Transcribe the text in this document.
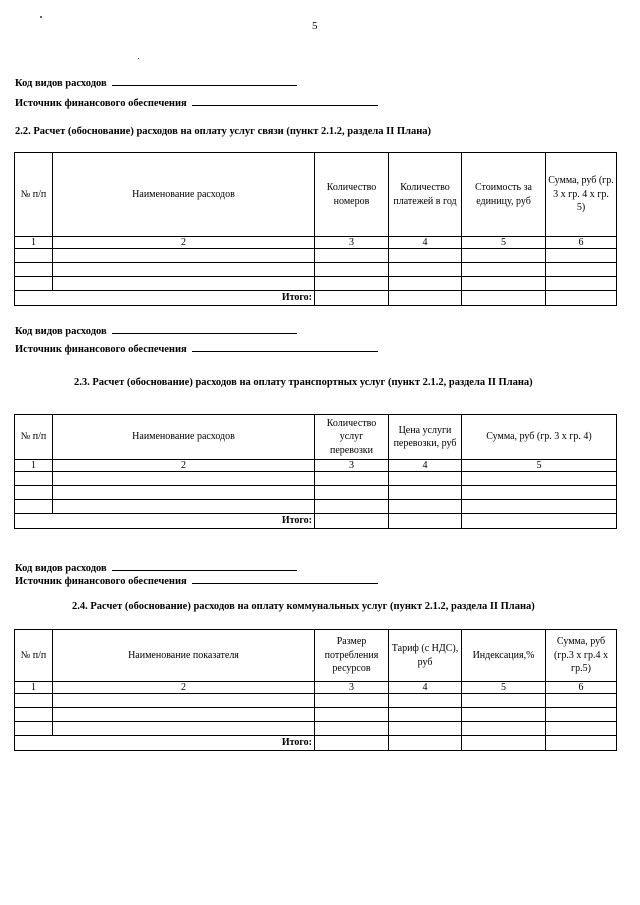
5
Код видов расходов
Источник финансового обеспечения
2.2. Расчет (обоснование) расходов на оплату услуг связи (пункт 2.1.2, раздела II Плана)
№ п/п	Наименование расходов	Количество номеров	Количество платежей в год	Стоимость за единицу, руб	Сумма, руб (гр. 3 х гр. 4 х гр. 5)
1	2	3	4	5	6

Итого:					
Код видов расходов
Источник финансового обеспечения
2.3. Расчет (обоснование) расходов на оплату транспортных услуг (пункт 2.1.2, раздела II Плана)
№ п/п	Наименование расходов	Количество услуг перевозки	Цена услуги перевозки, руб	Сумма, руб (гр. 3 х гр. 4)
1	2	3	4	5

Итого:				
Код видов расходов
Источник финансового обеспечения
2.4. Расчет (обоснование) расходов на оплату коммунальных услуг (пункт 2.1.2, раздела II Плана)
№ п/п	Наименование показателя	Размер потребления ресурсов	Тариф (с НДС), руб	Индексация,%	Сумма, руб (гр.3 х гр.4 х гр.5)
1	2	3	4	5	6

Итого:					
